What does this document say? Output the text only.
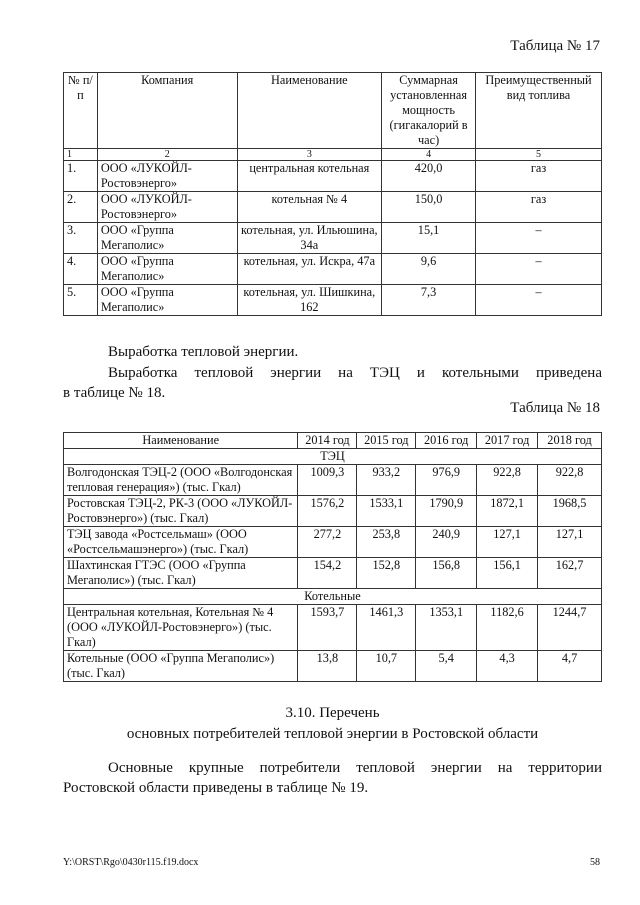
Таблица № 17
№ п/п	Компания	Наименование	Суммарная установленная мощность (гигакалорий в час)	Преимущественный вид топлива
1	2	3	4	5
1.	ООО «ЛУКОЙЛ-Ростовэнерго»	центральная котельная	420,0	газ
2.	ООО «ЛУКОЙЛ-Ростовэнерго»	котельная № 4	150,0	газ
3.	ООО «Группа Мегаполис»	котельная, ул. Ильюшина, 34а	15,1	–
4.	ООО «Группа Мегаполис»	котельная, ул. Искра, 47а	9,6	–
5.	ООО «Группа Мегаполис»	котельная, ул. Шишкина, 162	7,3	–
Выработка тепловой энергии.
Выработка тепловой энергии на ТЭЦ и котельными приведена
в таблице № 18.
Таблица № 18
Наименование	2014 год	2015 год	2016 год	2017 год	2018 год
ТЭЦ					
Волгодонская ТЭЦ-2 (ООО «Волгодонская тепловая генерация») (тыс. Гкал)	1009,3	933,2	976,9	922,8	922,8
Ростовская ТЭЦ-2, РК-3 (ООО «ЛУКОЙЛ-Ростовэнерго») (тыс. Гкал)	1576,2	1533,1	1790,9	1872,1	1968,5
ТЭЦ завода «Ростсельмаш» (ООО «Ростсельмашэнерго») (тыс. Гкал)	277,2	253,8	240,9	127,1	127,1
Шахтинская ГТЭС (ООО «Группа Мегаполис») (тыс. Гкал)	154,2	152,8	156,8	156,1	162,7
Котельные					
Центральная котельная, Котельная № 4 (ООО «ЛУКОЙЛ-Ростовэнерго») (тыс. Гкал)	1593,7	1461,3	1353,1	1182,6	1244,7
Котельные (ООО «Группа Мегаполис») (тыс. Гкал)	13,8	10,7	5,4	4,3	4,7
3.10. Перечень
основных потребителей тепловой энергии в Ростовской области
Основные крупные потребители тепловой энергии на территории
Ростовской области приведены в таблице № 19.
Y:\ORST\Rgo\0430r115.f19.docx	58
